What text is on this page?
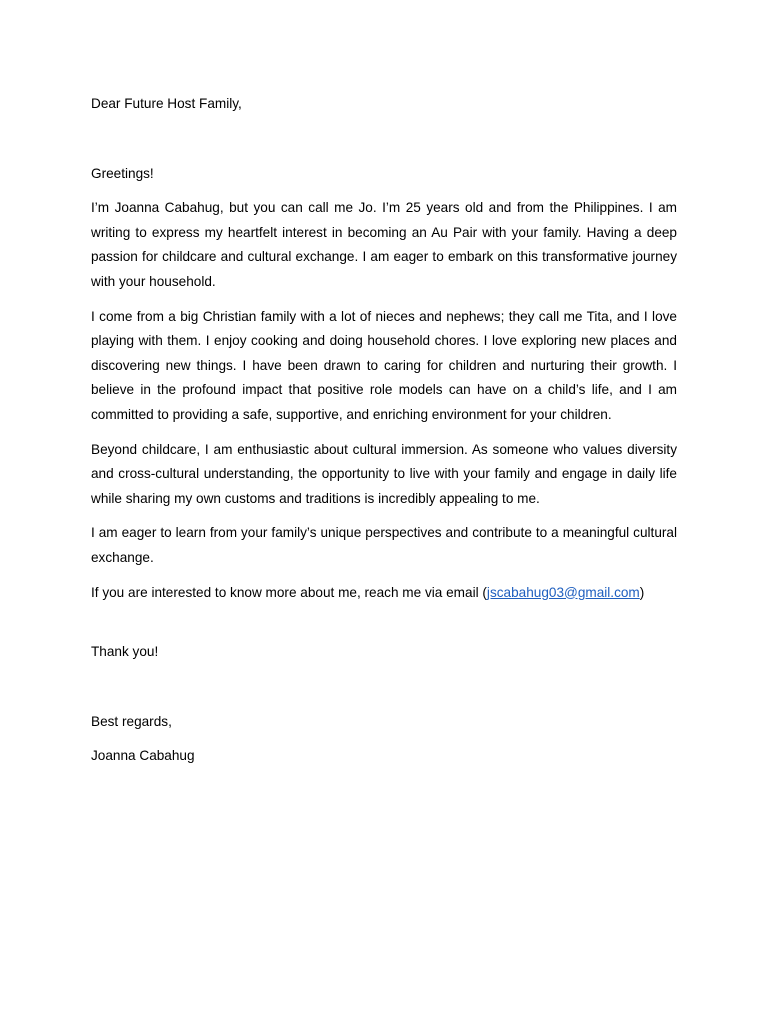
Dear Future Host Family,

Greetings!

I’m Joanna Cabahug, but you can call me Jo. I’m 25 years old and from the Philippines. I am writing to express my heartfelt interest in becoming an Au Pair with your family. Having a deep passion for childcare and cultural exchange. I am eager to embark on this transformative journey with your household.

I come from a big Christian family with a lot of nieces and nephews; they call me Tita, and I love playing with them. I enjoy cooking and doing household chores. I love exploring new places and discovering new things. I have been drawn to caring for children and nurturing their growth. I believe in the profound impact that positive role models can have on a child’s life, and I am committed to providing a safe, supportive, and enriching environment for your children.

Beyond childcare, I am enthusiastic about cultural immersion. As someone who values diversity and cross-cultural understanding, the opportunity to live with your family and engage in daily life while sharing my own customs and traditions is incredibly appealing to me.

I am eager to learn from your family’s unique perspectives and contribute to a meaningful cultural exchange.

If you are interested to know more about me, reach me via email (jscabahug03@gmail.com)

Thank you!

Best regards,

Joanna Cabahug
